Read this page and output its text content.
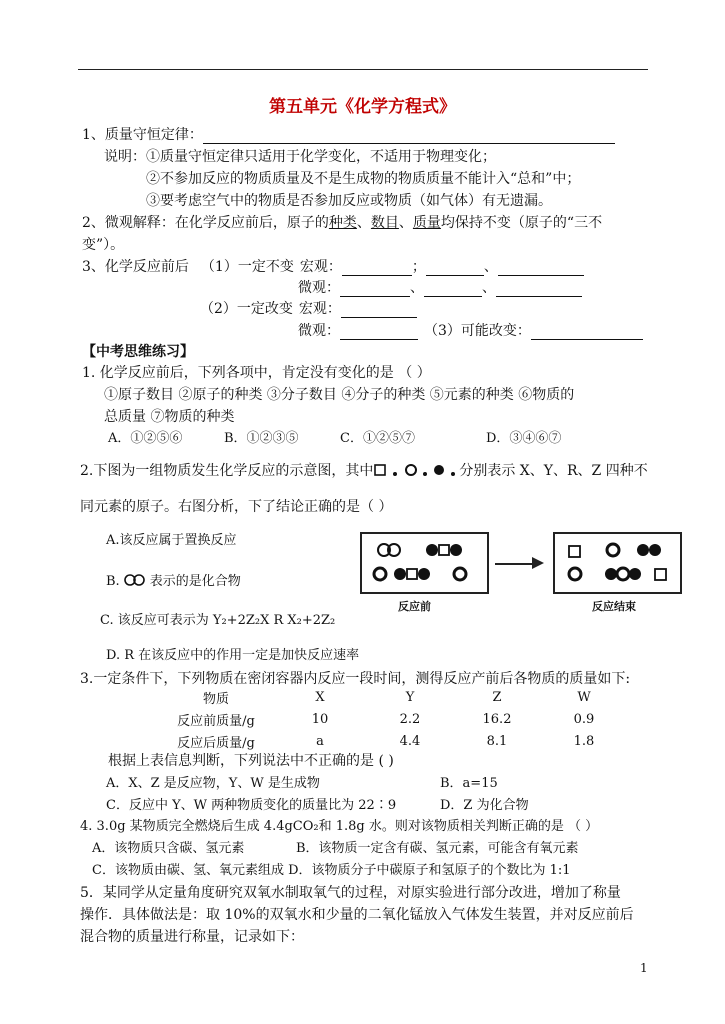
第五单元《化学方程式》
1、质量守恒定律：
说明：①质量守恒定律只适用于化学变化，不适用于物理变化；
②不参加反应的物质质量及不是生成物的物质质量不能计入“总和”中；
③要考虑空气中的物质是否参加反应或物质（如气体）有无遗漏。
2、微观解释：在化学反应前后，原子的种类、数目、质量均保持不变（原子的“三不
变”）。
3、化学反应前后 （1）一定不变 宏观：	；	、
微观：	、	、
（2）一定改变 宏观：
微观：	（3）可能改变：
【中考思维练习】
1. 化学反应前后，下列各项中，肯定没有变化的是 （ ）
①原子数目 ②原子的种类 ③分子数目 ④分子的种类 ⑤元素的种类 ⑥物质的
总质量 ⑦物质的种类
A．①②⑤⑥	B．①②③⑤	C．①②⑤⑦	D．③④⑥⑦
2.下图为一组物质发生化学反应的示意图，其中	分别表示 X、Y、R、Z 四种不
同元素的原子。右图分析，下了结论正确的是（ ）
A.该反应属于置换反应
B. 表示的是化合物
C. 该反应可表示为 Y₂+2Z₂X R X₂+2Z₂
D. R 在该反应中的作用一定是加快反应速率
反应前	反应结束
3.一定条件下，下列物质在密闭容器内反应一段时间，测得反应产前后各物质的质量如下:
物质	X	Y	Z	W
反应前质量/g	10	2.2	16.2	0.9
反应后质量/g	a	4.4	8.1	1.8
根据上表信息判断，下列说法中不正确的是 ( )
A．X、Z 是反应物，Y、W 是生成物	B．a=15
C．反应中 Y、W 两种物质变化的质量比为 22∶9	D．Z 为化合物
4. 3.0g 某物质完全燃烧后生成 4.4gCO₂和 1.8g 水。则对该物质相关判断正确的是 （ ）
A．该物质只含碳、氢元素	B．该物质一定含有碳、氢元素，可能含有氧元素
C．该物质由碳、氢、氧元素组成 D．该物质分子中碳原子和氢原子的个数比为 1:1
5．某同学从定量角度研究双氧水制取氧气的过程，对原实验进行部分改进，增加了称量
操作．具体做法是：取 10%的双氧水和少量的二氧化锰放入气体发生装置，并对反应前后
混合物的质量进行称量，记录如下：
1
